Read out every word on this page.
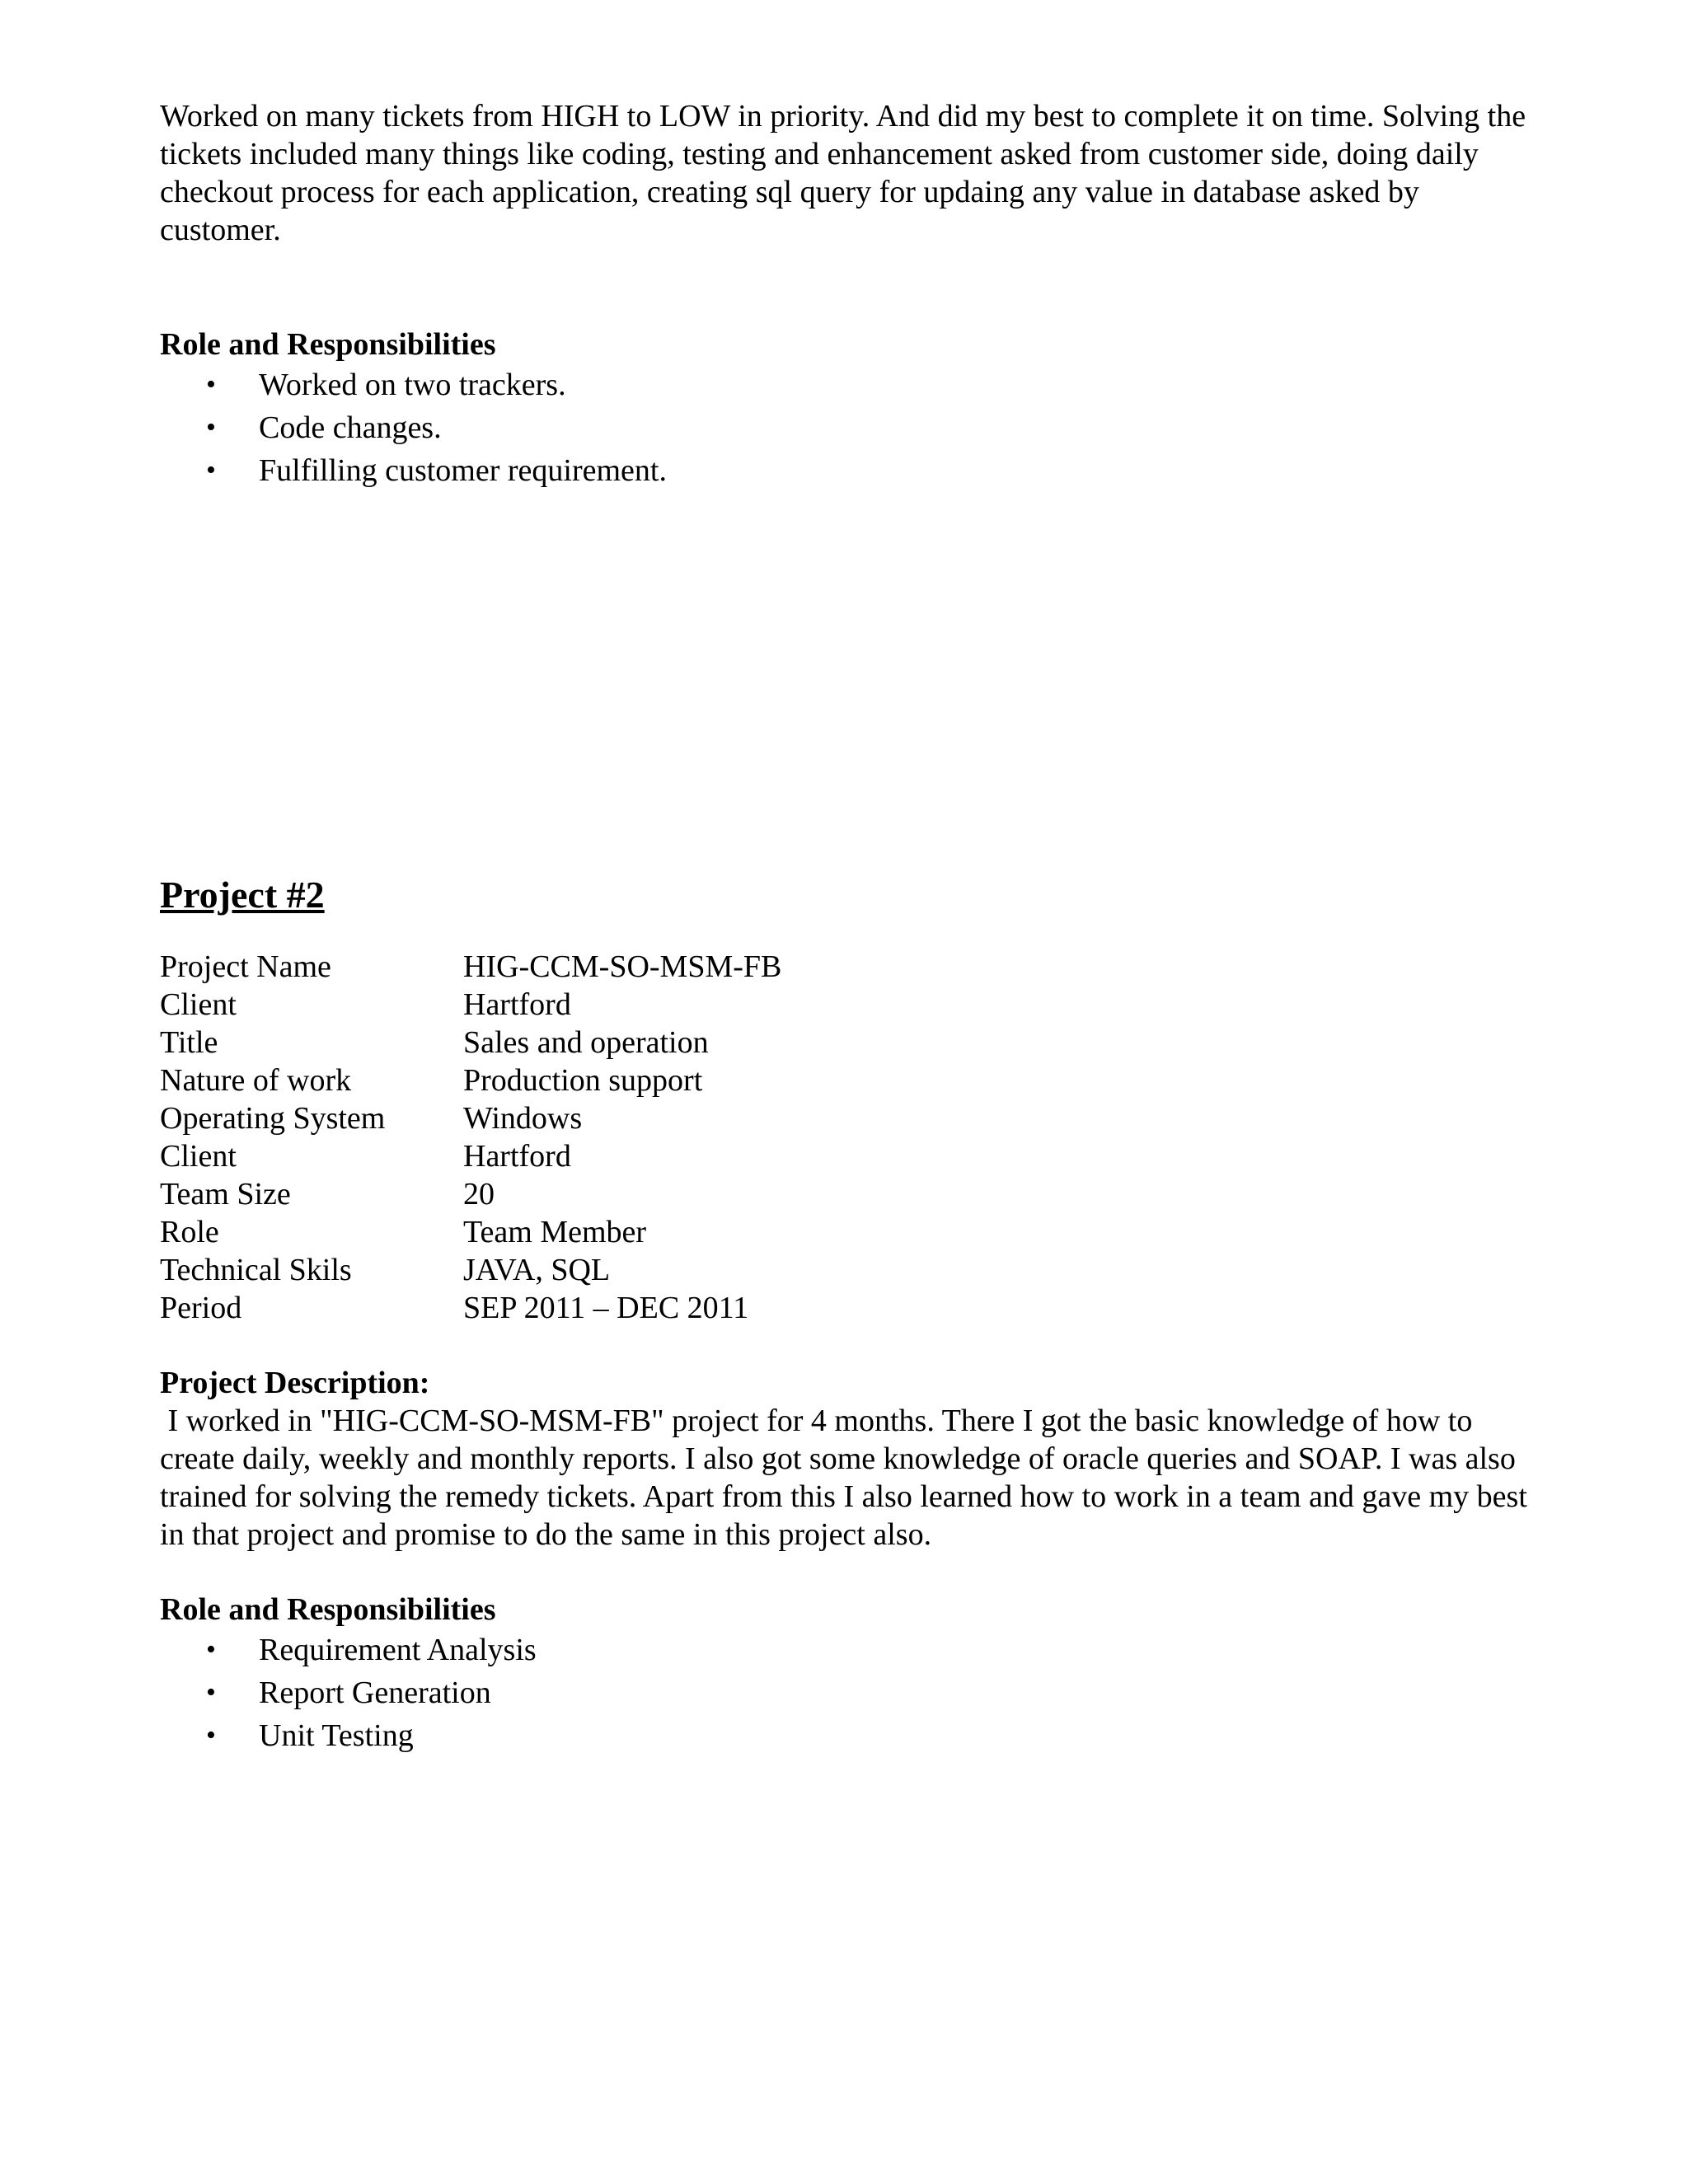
Worked on many tickets from HIGH to LOW in priority. And did my best to complete it on time. Solving the tickets included many things like coding, testing and enhancement asked from customer side, doing daily checkout process for each application, creating sql query for updaing any value in database asked by customer.

Role and Responsibilities

• Worked on two trackers.
• Code changes.
• Fulfilling customer requirement.

Project #2

Project Name	HIG-CCM-SO-MSM-FB
Client	Hartford
Title	Sales and operation
Nature of work	Production support
Operating System	Windows
Client	Hartford
Team Size	20
Role	Team Member
Technical Skils	JAVA, SQL
Period	SEP 2011 – DEC 2011

Project Description:

I worked in "HIG-CCM-SO-MSM-FB" project for 4 months. There I got the basic knowledge of how to create daily, weekly and monthly reports. I also got some knowledge of oracle queries and SOAP. I was also trained for solving the remedy tickets. Apart from this I also learned how to work in a team and gave my best in that project and promise to do the same in this project also.

Role and Responsibilities

• Requirement Analysis
• Report Generation
• Unit Testing
